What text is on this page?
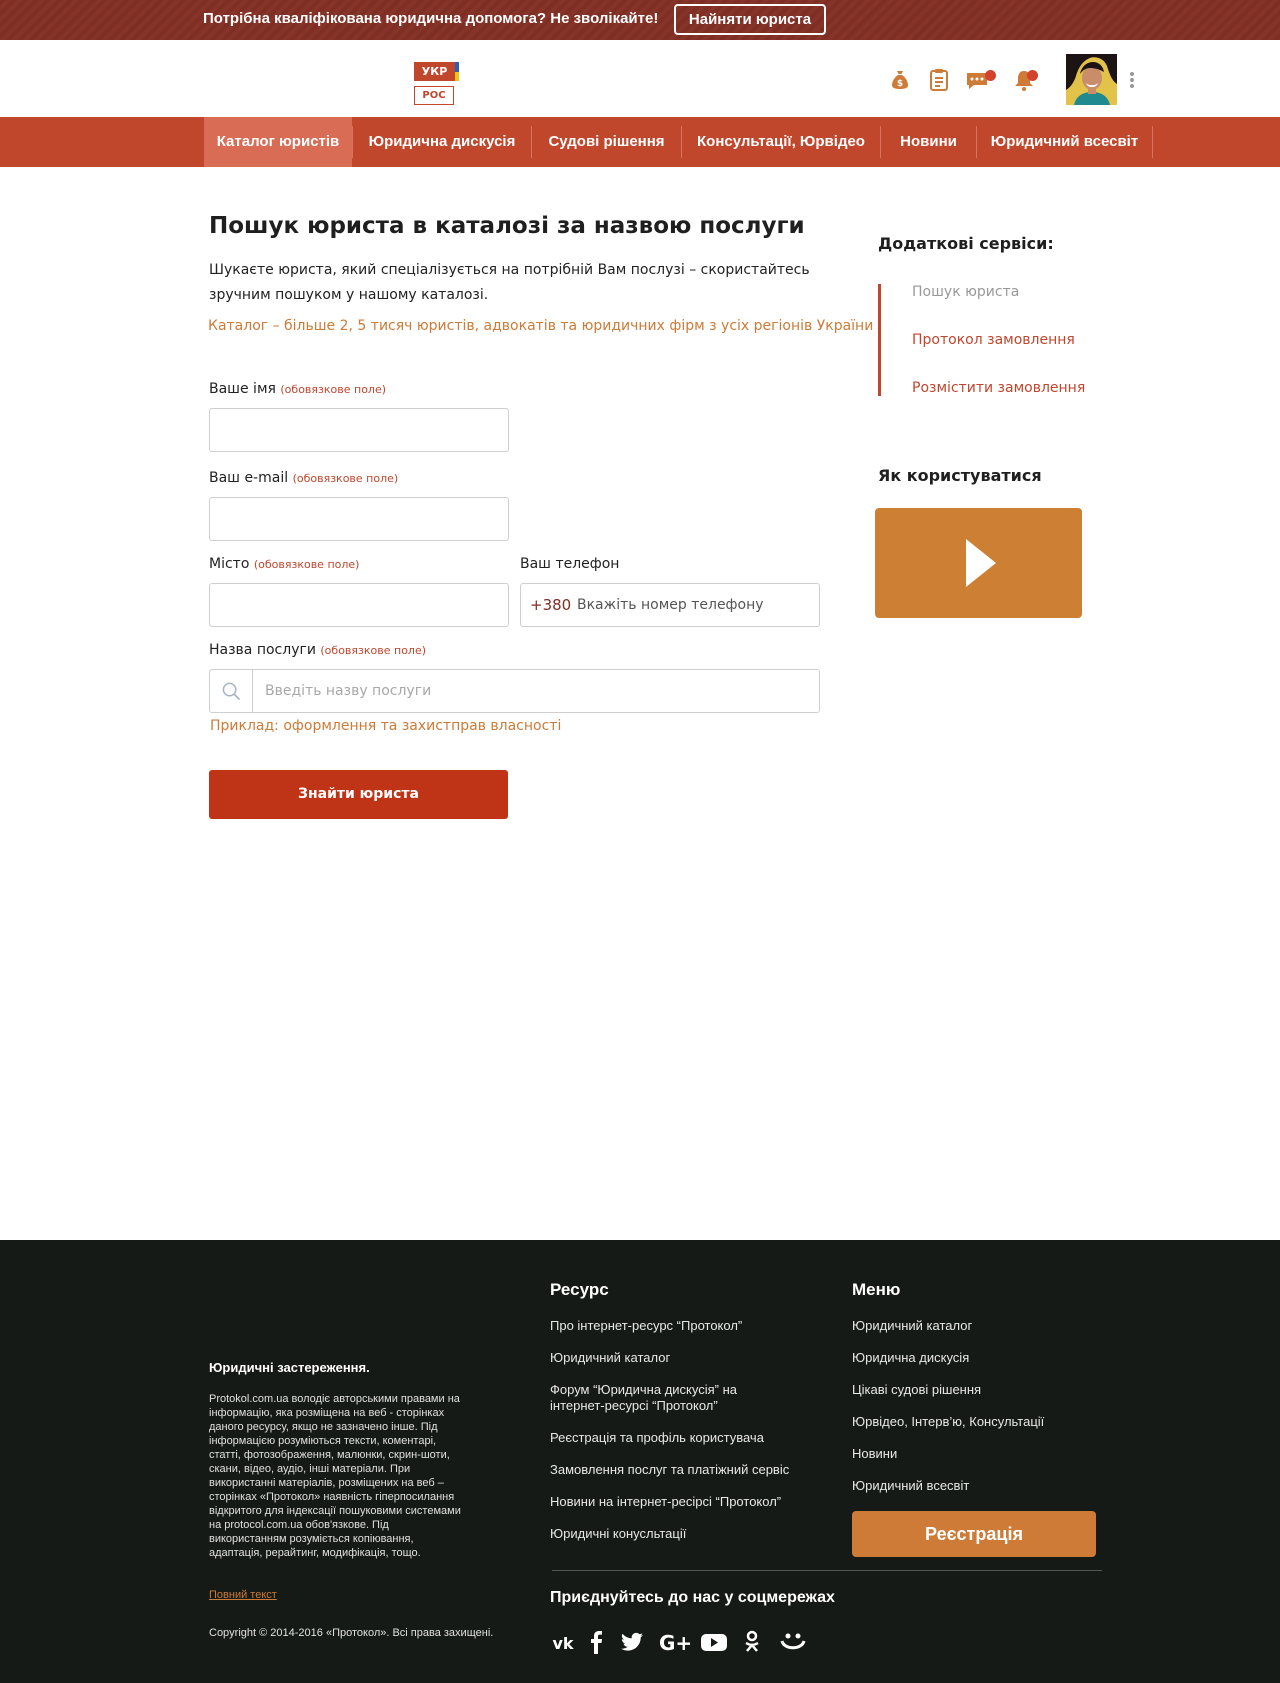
Потрібна кваліфікована юридична допомога? Не зволікайте!	Найняти юриста
УКР
РОС
$
Каталог юристів	Юридична дискусія	Судові рішення	Консультації, Юрвідео	Новини	Юридичний всесвіт
Пошук юриста в каталозі за назвою послуги
Шукаєте юриста, який спеціалізується на потрібній Вам послузі – скористайтесь зручним пошуком у нашому каталозі.
Каталог – більше 2, 5 тисяч юристів, адвокатів та юридичних фірм з усіх регіонів України
Ваше імя (обовязкове поле)
Ваш e-mail (обовязкове поле)
Місто (обовязкове поле)	Ваш телефон
+380
Вкажіть номер телефону
Назва послуги (обовязкове поле)
Введіть назву послуги
Приклад: оформлення та захистправ власності
Знайти юриста
Додаткові сервіси:
Пошук юриста
Протокол замовлення
Розмістити замовлення
Як користуватися
Юридичні застереження.
Protokol.com.ua володіє авторськими правами на інформацію, яка розміщена на веб - сторінках даного ресурсу, якщо не зазначено інше. Під інформацією розуміються тексти, коментарі, статті, фотозображення, малюнки, скрин-шоти, скани, відео, аудіо, інші матеріали. При використанні матеріалів, розміщених на веб – сторінках «Протокол» наявність гіперпосилання відкритого для індексації пошуковими системами на protocol.com.ua обов'язкове. Під використанням розуміється копіювання, адаптація, рерайтинг, модифікація, тощо.
Повний текст
Copyright © 2014-2016 «Протокол». Всі права захищені.
Ресурс
Про інтернет-ресурс “Протокол”
Юридичний каталог
Форум “Юридична дискусія” на інтернет-ресурсі “Протокол”
Реєстрація та профіль користувача
Замовлення послуг та платіжний сервіс
Новини на інтернет-ресірсі “Протокол”
Юридичні конусльтації
Меню
Юридичний каталог
Юридична дискусія
Цікаві судові рішення
Юрвідео, Інтерв’ю, Консультації
Новини
Юридичний всесвіт
Реєстрація
Приєднуйтесь до нас у соцмережах
vk	G+
